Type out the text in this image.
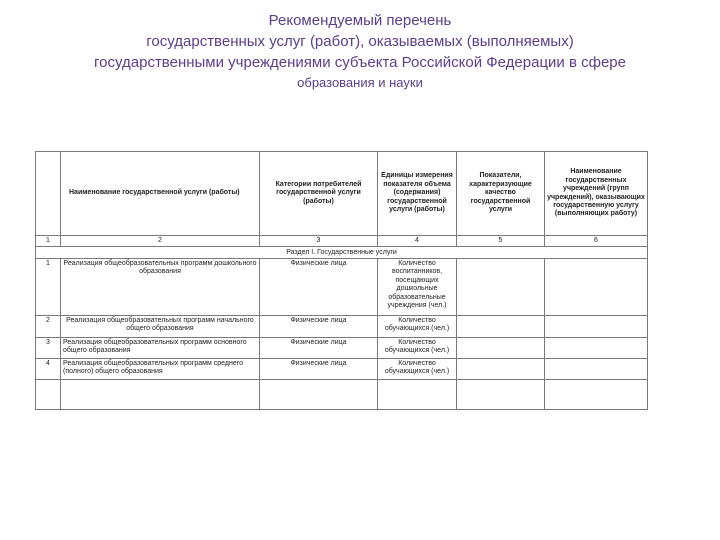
Рекомендуемый перечень
государственных услуг (работ), оказываемых (выполняемых)
государственными учреждениями субъекта Российской Федерации в сфере
образования и науки
	Наименование государственной услуги (работы)	Категории потребителей государственной услуги (работы)	Единицы измерения показателя объема (содержания) государственной услуги (работы)	Показатели, характеризующие качество государственной услуги	Наименование государственных учреждений (групп учреждений), оказывающих государственную услугу (выполняющих работу)
1	2	3	4	5	6
Раздел I. Государственные услуги					
1	Реализация общеобразовательных программ дошкольного образования	Физические лица	Количество воспитанников, посещающих дошкольные образовательные учреждения (чел.)		
2	Реализация общеобразовательных программ начального общего образования	Физические лица	Количество обучающихся (чел.)		
3	Реализация общеобразовательных программ основного общего образования	Физические лица	Количество обучающихся (чел.)		
4	Реализация общеобразовательных программ среднего (полного) общего образования	Физические лица	Количество обучающихся (чел.)		
